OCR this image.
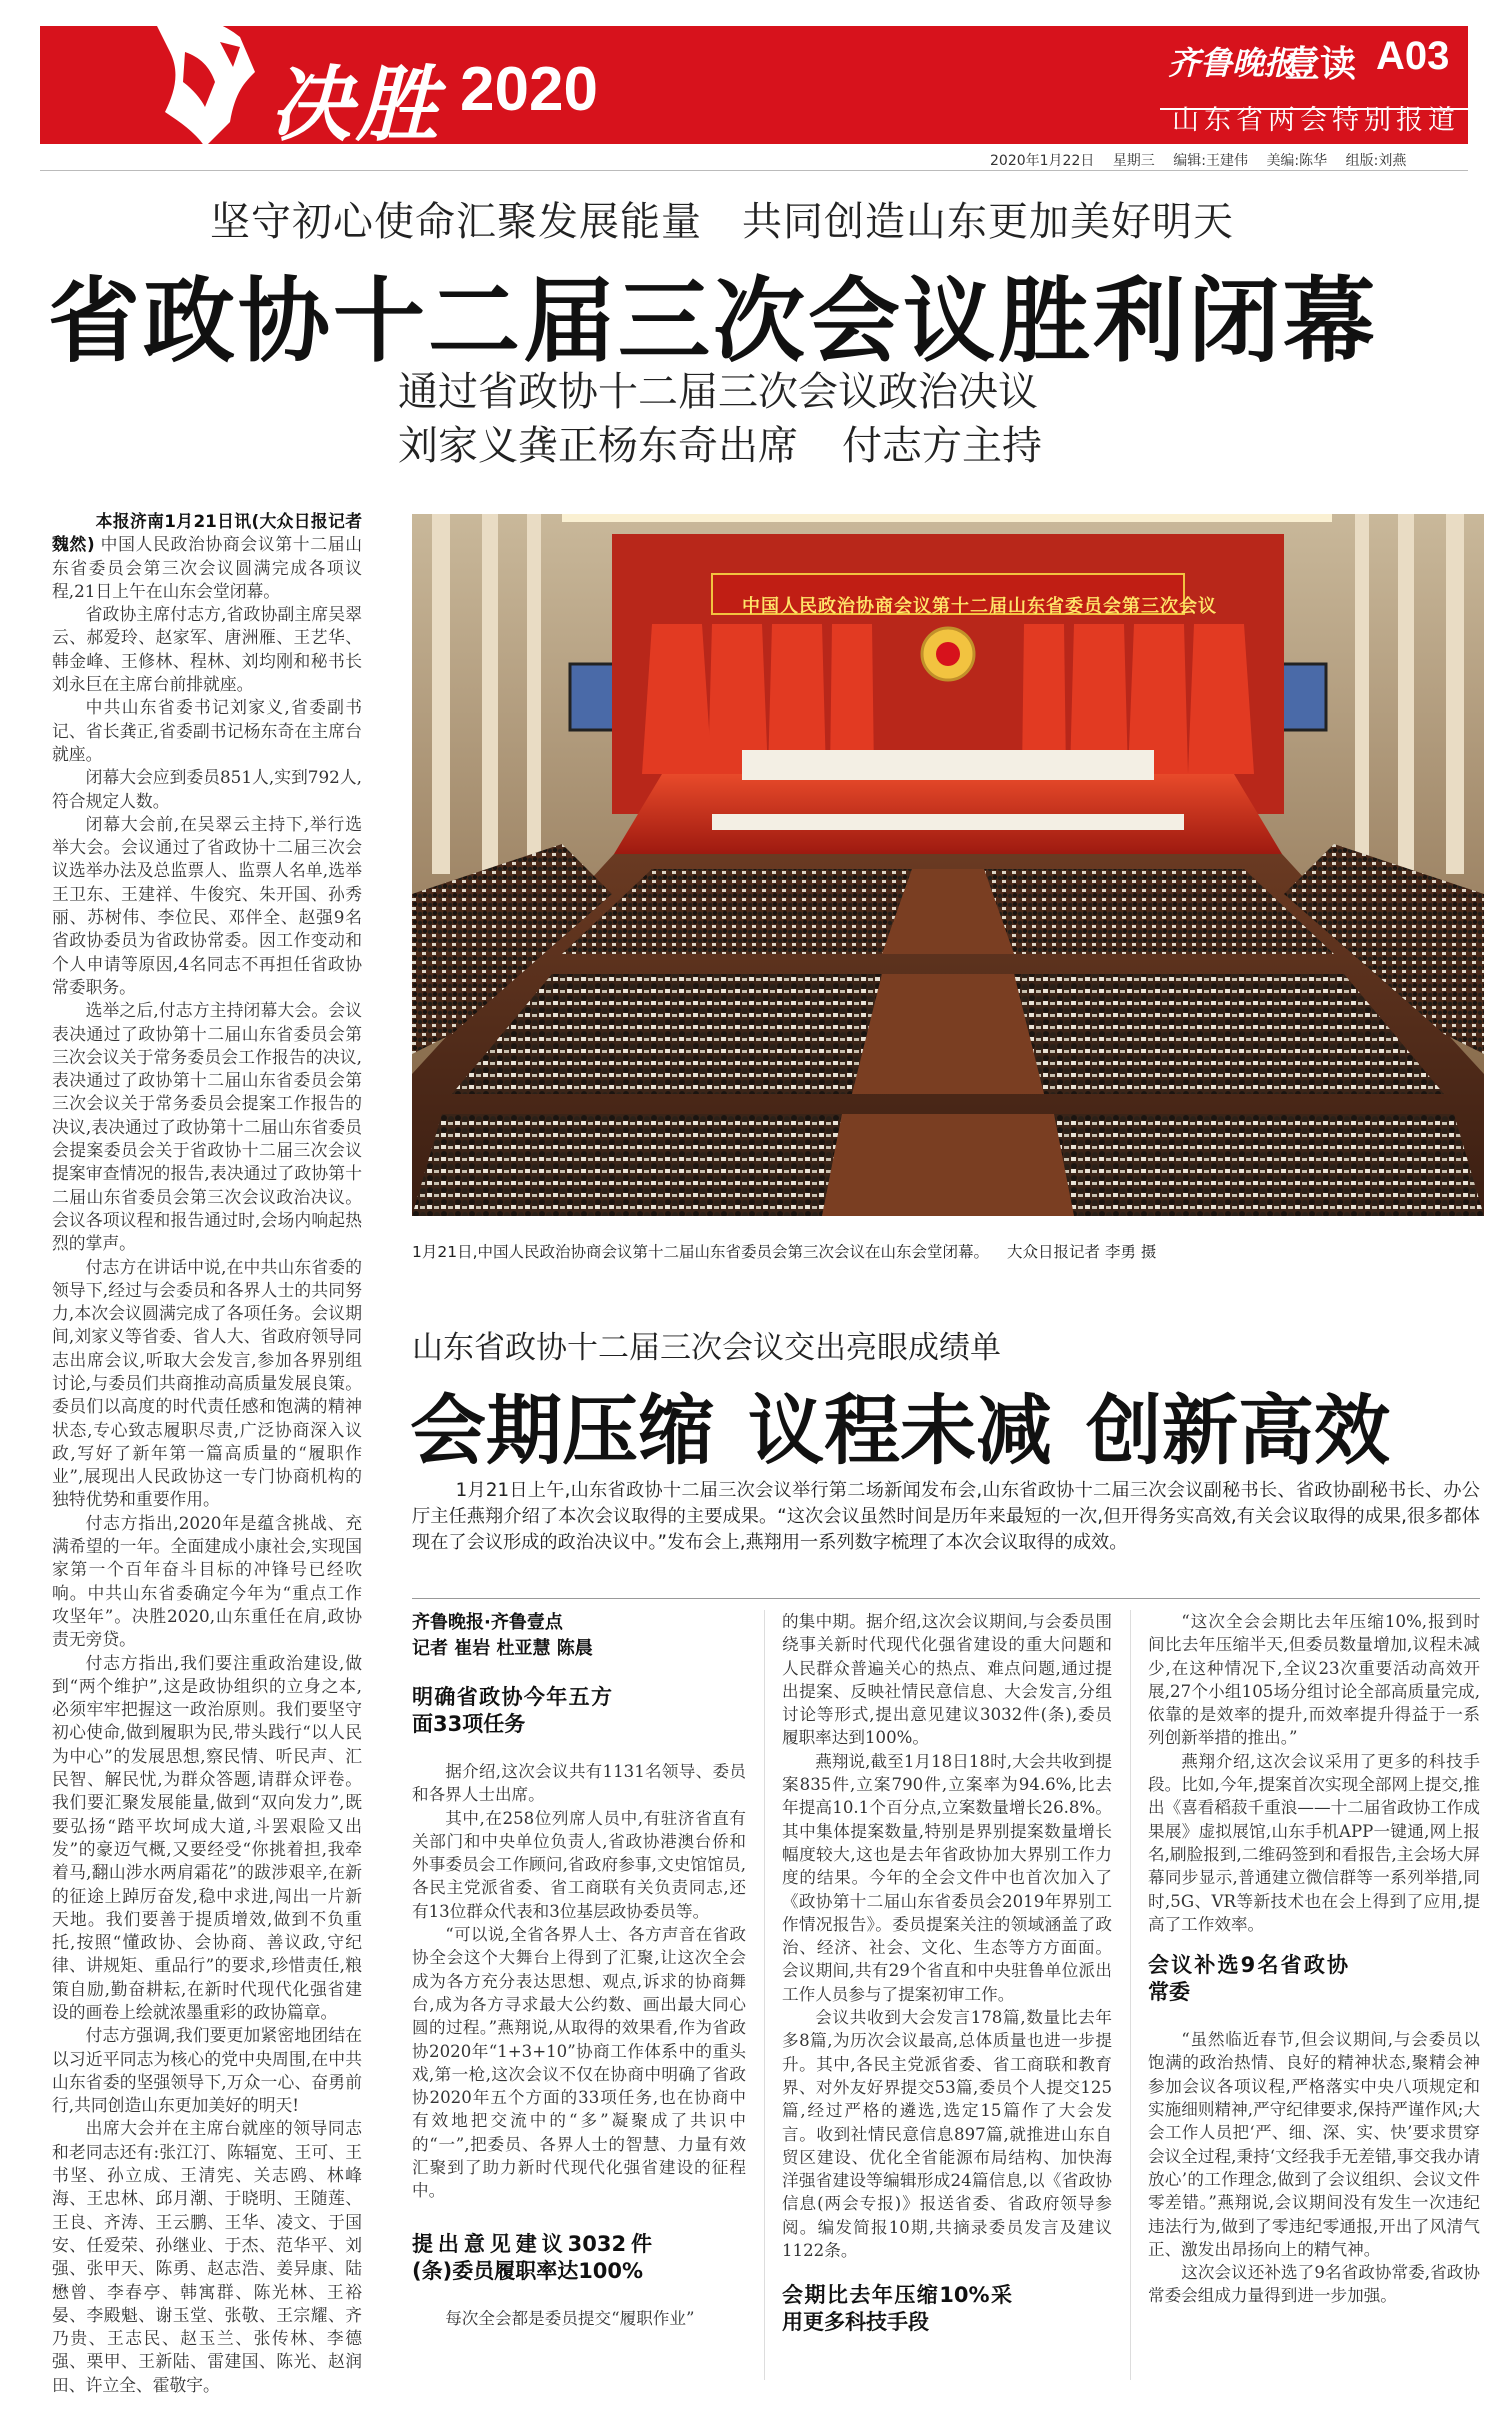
决胜 2020	齐鲁晚报
壹读 A03
山东省两会特别报道
2020年1月22日 星期三 编辑:王建伟 美编:陈华 组版:刘燕
坚守初心使命汇聚发展能量 共同创造山东更加美好明天
省政协十二届三次会议胜利闭幕
通过省政协十二届三次会议政治决议
刘家义龚正杨东奇出席 付志方主持

本报济南1月21日讯(大众日报记者魏然) 中国人民政治协商会议第十二届山东省委员会第三次会议圆满完成各项议程,21日上午在山东会堂闭幕。

省政协主席付志方,省政协副主席吴翠云、郝爱玲、赵家军、唐洲雁、王艺华、韩金峰、王修林、程林、刘均刚和秘书长刘永巨在主席台前排就座。

中共山东省委书记刘家义,省委副书记、省长龚正,省委副书记杨东奇在主席台就座。

闭幕大会应到委员851人,实到792人,符合规定人数。

闭幕大会前,在吴翠云主持下,举行选举大会。会议通过了省政协十二届三次会议选举办法及总监票人、监票人名单,选举王卫东、王建祥、牛俊究、朱开国、孙秀丽、苏树伟、李位民、邓伴全、赵强9名省政协委员为省政协常委。因工作变动和个人申请等原因,4名同志不再担任省政协常委职务。

选举之后,付志方主持闭幕大会。会议表决通过了政协第十二届山东省委员会第三次会议关于常务委员会工作报告的决议,表决通过了政协第十二届山东省委员会第三次会议关于常务委员会提案工作报告的决议,表决通过了政协第十二届山东省委员会提案委员会关于省政协十二届三次会议提案审查情况的报告,表决通过了政协第十二届山东省委员会第三次会议政治决议。会议各项议程和报告通过时,会场内响起热烈的掌声。

付志方在讲话中说,在中共山东省委的领导下,经过与会委员和各界人士的共同努力,本次会议圆满完成了各项任务。会议期间,刘家义等省委、省人大、省政府领导同志出席会议,听取大会发言,参加各界别组讨论,与委员们共商推动高质量发展良策。委员们以高度的时代责任感和饱满的精神状态,专心致志履职尽责,广泛协商深入议政,写好了新年第一篇高质量的“履职作业”,展现出人民政协这一专门协商机构的独特优势和重要作用。

付志方指出,2020年是蕴含挑战、充满希望的一年。全面建成小康社会,实现国家第一个百年奋斗目标的冲锋号已经吹响。中共山东省委确定今年为“重点工作攻坚年”。决胜2020,山东重任在肩,政协责无旁贷。

付志方指出,我们要注重政治建设,做到“两个维护”,这是政协组织的立身之本,必须牢牢把握这一政治原则。我们要坚守初心使命,做到履职为民,带头践行“以人民为中心”的发展思想,察民情、听民声、汇民智、解民忧,为群众答题,请群众评卷。我们要汇聚发展能量,做到“双向发力”,既要弘扬“踏平坎坷成大道,斗罢艰险又出发”的豪迈气概,又要经受“你挑着担,我牵着马,翻山涉水两肩霜花”的跋涉艰辛,在新的征途上踔厉奋发,稳中求进,闯出一片新天地。我们要善于提质增效,做到不负重托,按照“懂政协、会协商、善议政,守纪律、讲规矩、重品行”的要求,珍惜责任,粮策自励,勤奋耕耘,在新时代现代化强省建设的画卷上绘就浓墨重彩的政协篇章。

付志方强调,我们要更加紧密地团结在以习近平同志为核心的党中央周围,在中共山东省委的坚强领导下,万众一心、奋勇前行,共同创造山东更加美好的明天!

出席大会并在主席台就座的领导同志和老同志还有:张江汀、陈辐宽、王可、王书坚、孙立成、王清宪、关志鸥、林峰海、王忠林、邱月潮、于晓明、王随莲、王良、齐涛、王云鹏、王华、凌文、于国安、任爱荣、孙继业、于杰、范华平、刘强、张甲天、陈勇、赵志浩、姜异康、陆懋曾、李春亭、韩寓群、陈光林、王裕晏、李殿魁、谢玉堂、张敬、王宗耀、齐乃贵、王志民、赵玉兰、张传林、李德强、栗甲、王新陆、雷建国、陈光、赵润田、许立全、霍敬宇。

中国人民政治协商会议第十二届山东省委员会第三次会议
1月21日,中国人民政治协商会议第十二届山东省委员会第三次会议在山东会堂闭幕。 大众日报记者 李勇 摄
山东省政协十二届三次会议交出亮眼成绩单
会期压缩 议程未减 创新高效
1月21日上午,山东省政协十二届三次会议举行第二场新闻发布会,山东省政协十二届三次会议副秘书长、省政协副秘书长、办公厅主任燕翔介绍了本次会议取得的主要成果。“这次会议虽然时间是历年来最短的一次,但开得务实高效,有关会议取得的成果,很多都体现在了会议形成的政治决议中。”发布会上,燕翔用一系列数字梳理了本次会议取得的成效。
齐鲁晚报·齐鲁壹点
记者 崔岩 杜亚慧 陈晨
明确省政协今年五方面33项任务

据介绍,这次会议共有1131名领导、委员和各界人士出席。

其中,在258位列席人员中,有驻济省直有关部门和中央单位负责人,省政协港澳台侨和外事委员会工作顾问,省政府参事,文史馆馆员,各民主党派省委、省工商联有关负责同志,还有13位群众代表和3位基层政协委员等。

“可以说,全省各界人士、各方声音在省政协全会这个大舞台上得到了汇聚,让这次全会成为各方充分表达思想、观点,诉求的协商舞台,成为各方寻求最大公约数、画出最大同心圆的过程。”燕翔说,从取得的效果看,作为省政协2020年“1+3+10”协商工作体系中的重头戏,第一枪,这次会议不仅在协商中明确了省政协2020年五个方面的33项任务,也在协商中有效地把交流中的“多”凝聚成了共识中的“一”,把委员、各界人士的智慧、力量有效汇聚到了助力新时代现代化强省建设的征程中。

提出意见建议3032件(条)委员履职率达100%

每次全会都是委员提交“履职作业”

的集中期。据介绍,这次会议期间,与会委员围绕事关新时代现代化强省建设的重大问题和人民群众普遍关心的热点、难点问题,通过提出提案、反映社情民意信息、大会发言,分组讨论等形式,提出意见建议3032件(条),委员履职率达到100%。

燕翔说,截至1月18日18时,大会共收到提案835件,立案790件,立案率为94.6%,比去年提高10.1个百分点,立案数量增长26.8%。其中集体提案数量,特别是界别提案数量增长幅度较大,这也是去年省政协加大界别工作力度的结果。今年的全会文件中也首次加入了《政协第十二届山东省委员会2019年界别工作情况报告》。委员提案关注的领域涵盖了政治、经济、社会、文化、生态等方方面面。会议期间,共有29个省直和中央驻鲁单位派出工作人员参与了提案初审工作。

会议共收到大会发言178篇,数量比去年多8篇,为历次会议最高,总体质量也进一步提升。其中,各民主党派省委、省工商联和教育界、对外友好界提交53篇,委员个人提交125篇,经过严格的遴选,选定15篇作了大会发言。收到社情民意信息897篇,就推进山东自贸区建设、优化全省能源布局结构、加快海洋强省建设等编辑形成24篇信息,以《省政协信息(两会专报)》报送省委、省政府领导参阅。编发简报10期,共摘录委员发言及建议1122条。

会期比去年压缩10%采用更多科技手段

“这次全会会期比去年压缩10%,报到时间比去年压缩半天,但委员数量增加,议程未减少,在这种情况下,全议23次重要活动高效开展,27个小组105场分组讨论全部高质量完成,依靠的是效率的提升,而效率提升得益于一系列创新举措的推出。”

燕翔介绍,这次会议采用了更多的科技手段。比如,今年,提案首次实现全部网上提交,推出《喜看稻菽千重浪——十二届省政协工作成果展》虚拟展馆,山东手机APP一键通,网上报名,刷脸报到,二维码签到和看报告,主会场大屏幕同步显示,普通建立微信群等一系列举措,同时,5G、VR等新技术也在会上得到了应用,提高了工作效率。

会议补选9名省政协常委

“虽然临近春节,但会议期间,与会委员以饱满的政治热情、良好的精神状态,聚精会神参加会议各项议程,严格落实中央八项规定和实施细则精神,严守纪律要求,保持严谨作风;大会工作人员把‘严、细、深、实、快’要求贯穿会议全过程,秉持‘文经我手无差错,事交我办请放心’的工作理念,做到了会议组织、会议文件零差错。”燕翔说,会议期间没有发生一次违纪违法行为,做到了零违纪零通报,开出了风清气正、激发出昂扬向上的精气神。

这次会议还补选了9名省政协常委,省政协常委会组成力量得到进一步加强。
